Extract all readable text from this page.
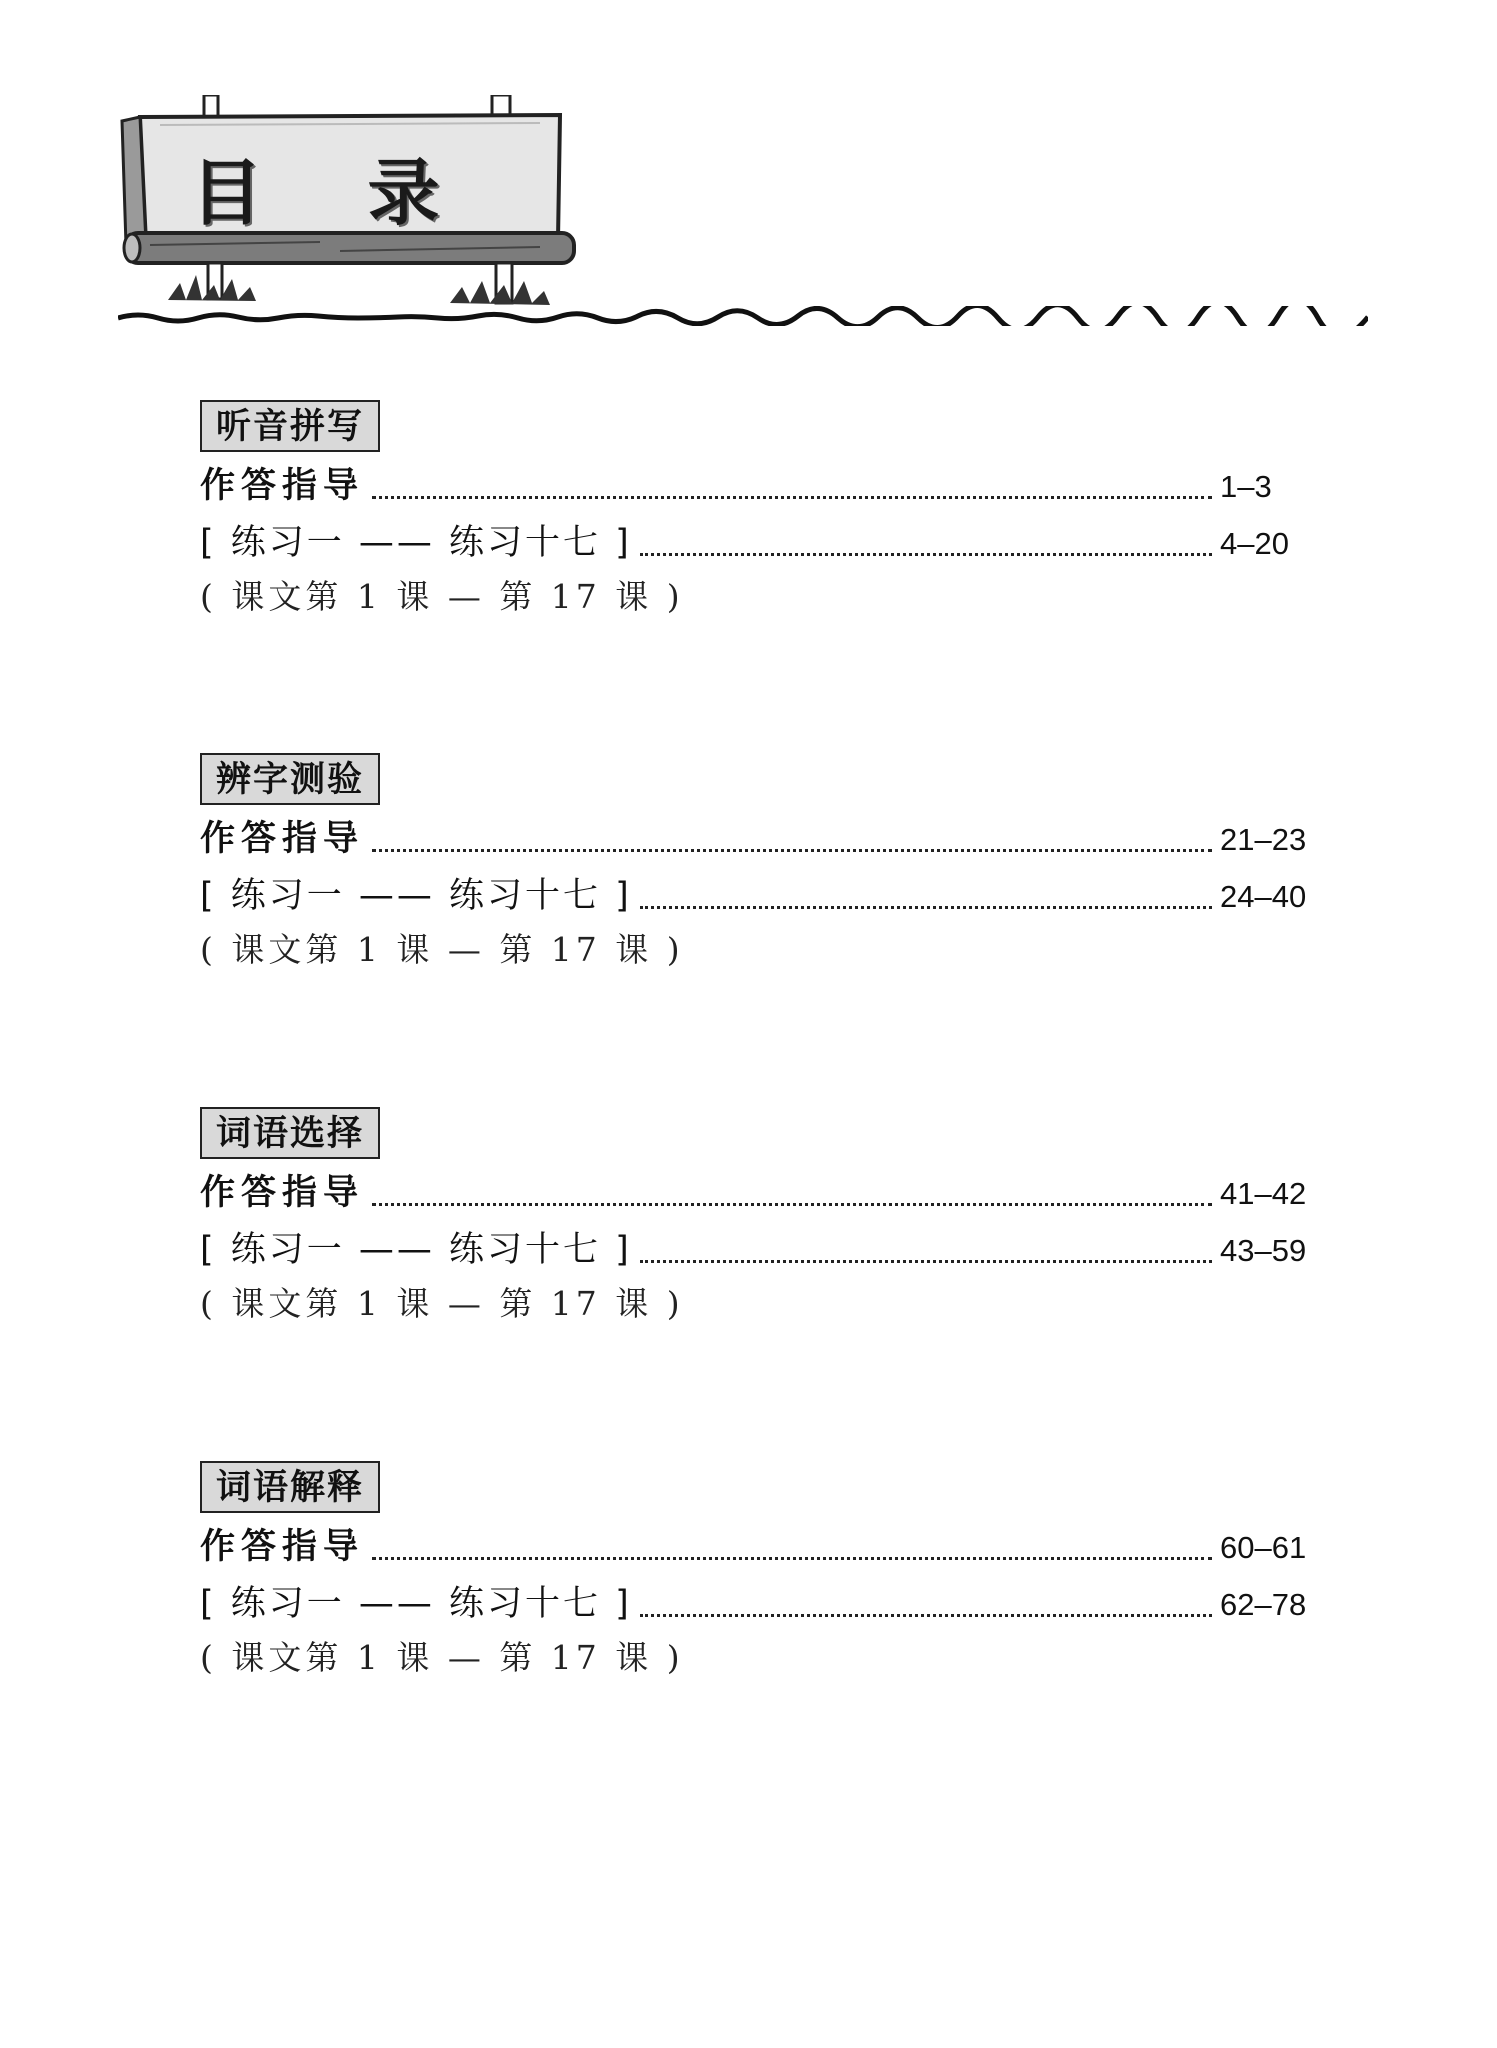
目 录
听音拼写
作答指导	1–3
[ 练习一 —— 练习十七 ]	4–20
( 课文第 1 课 — 第 17 课 )
辨字测验
作答指导	21–23
[ 练习一 —— 练习十七 ]	24–40
( 课文第 1 课 — 第 17 课 )
词语选择
作答指导	41–42
[ 练习一 —— 练习十七 ]	43–59
( 课文第 1 课 — 第 17 课 )
词语解释
作答指导	60–61
[ 练习一 —— 练习十七 ]	62–78
( 课文第 1 课 — 第 17 课 )
